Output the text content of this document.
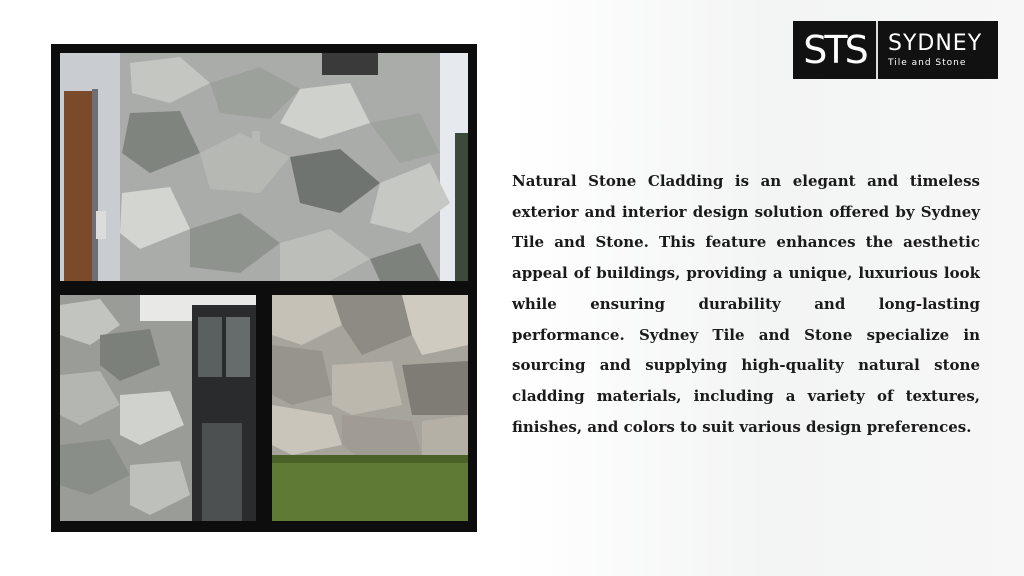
STS	SYDNEY
Tile and Stone

Natural Stone Cladding is an elegant and timeless exterior and interior design solution offered by Sydney Tile and Stone. This feature enhances the aesthetic appeal of buildings, providing a unique, luxurious look while ensuring durability and long-lasting performance. Sydney Tile and Stone specialize in sourcing and supplying high-quality natural stone cladding materials, including a variety of textures, finishes, and colors to suit various design preferences.
